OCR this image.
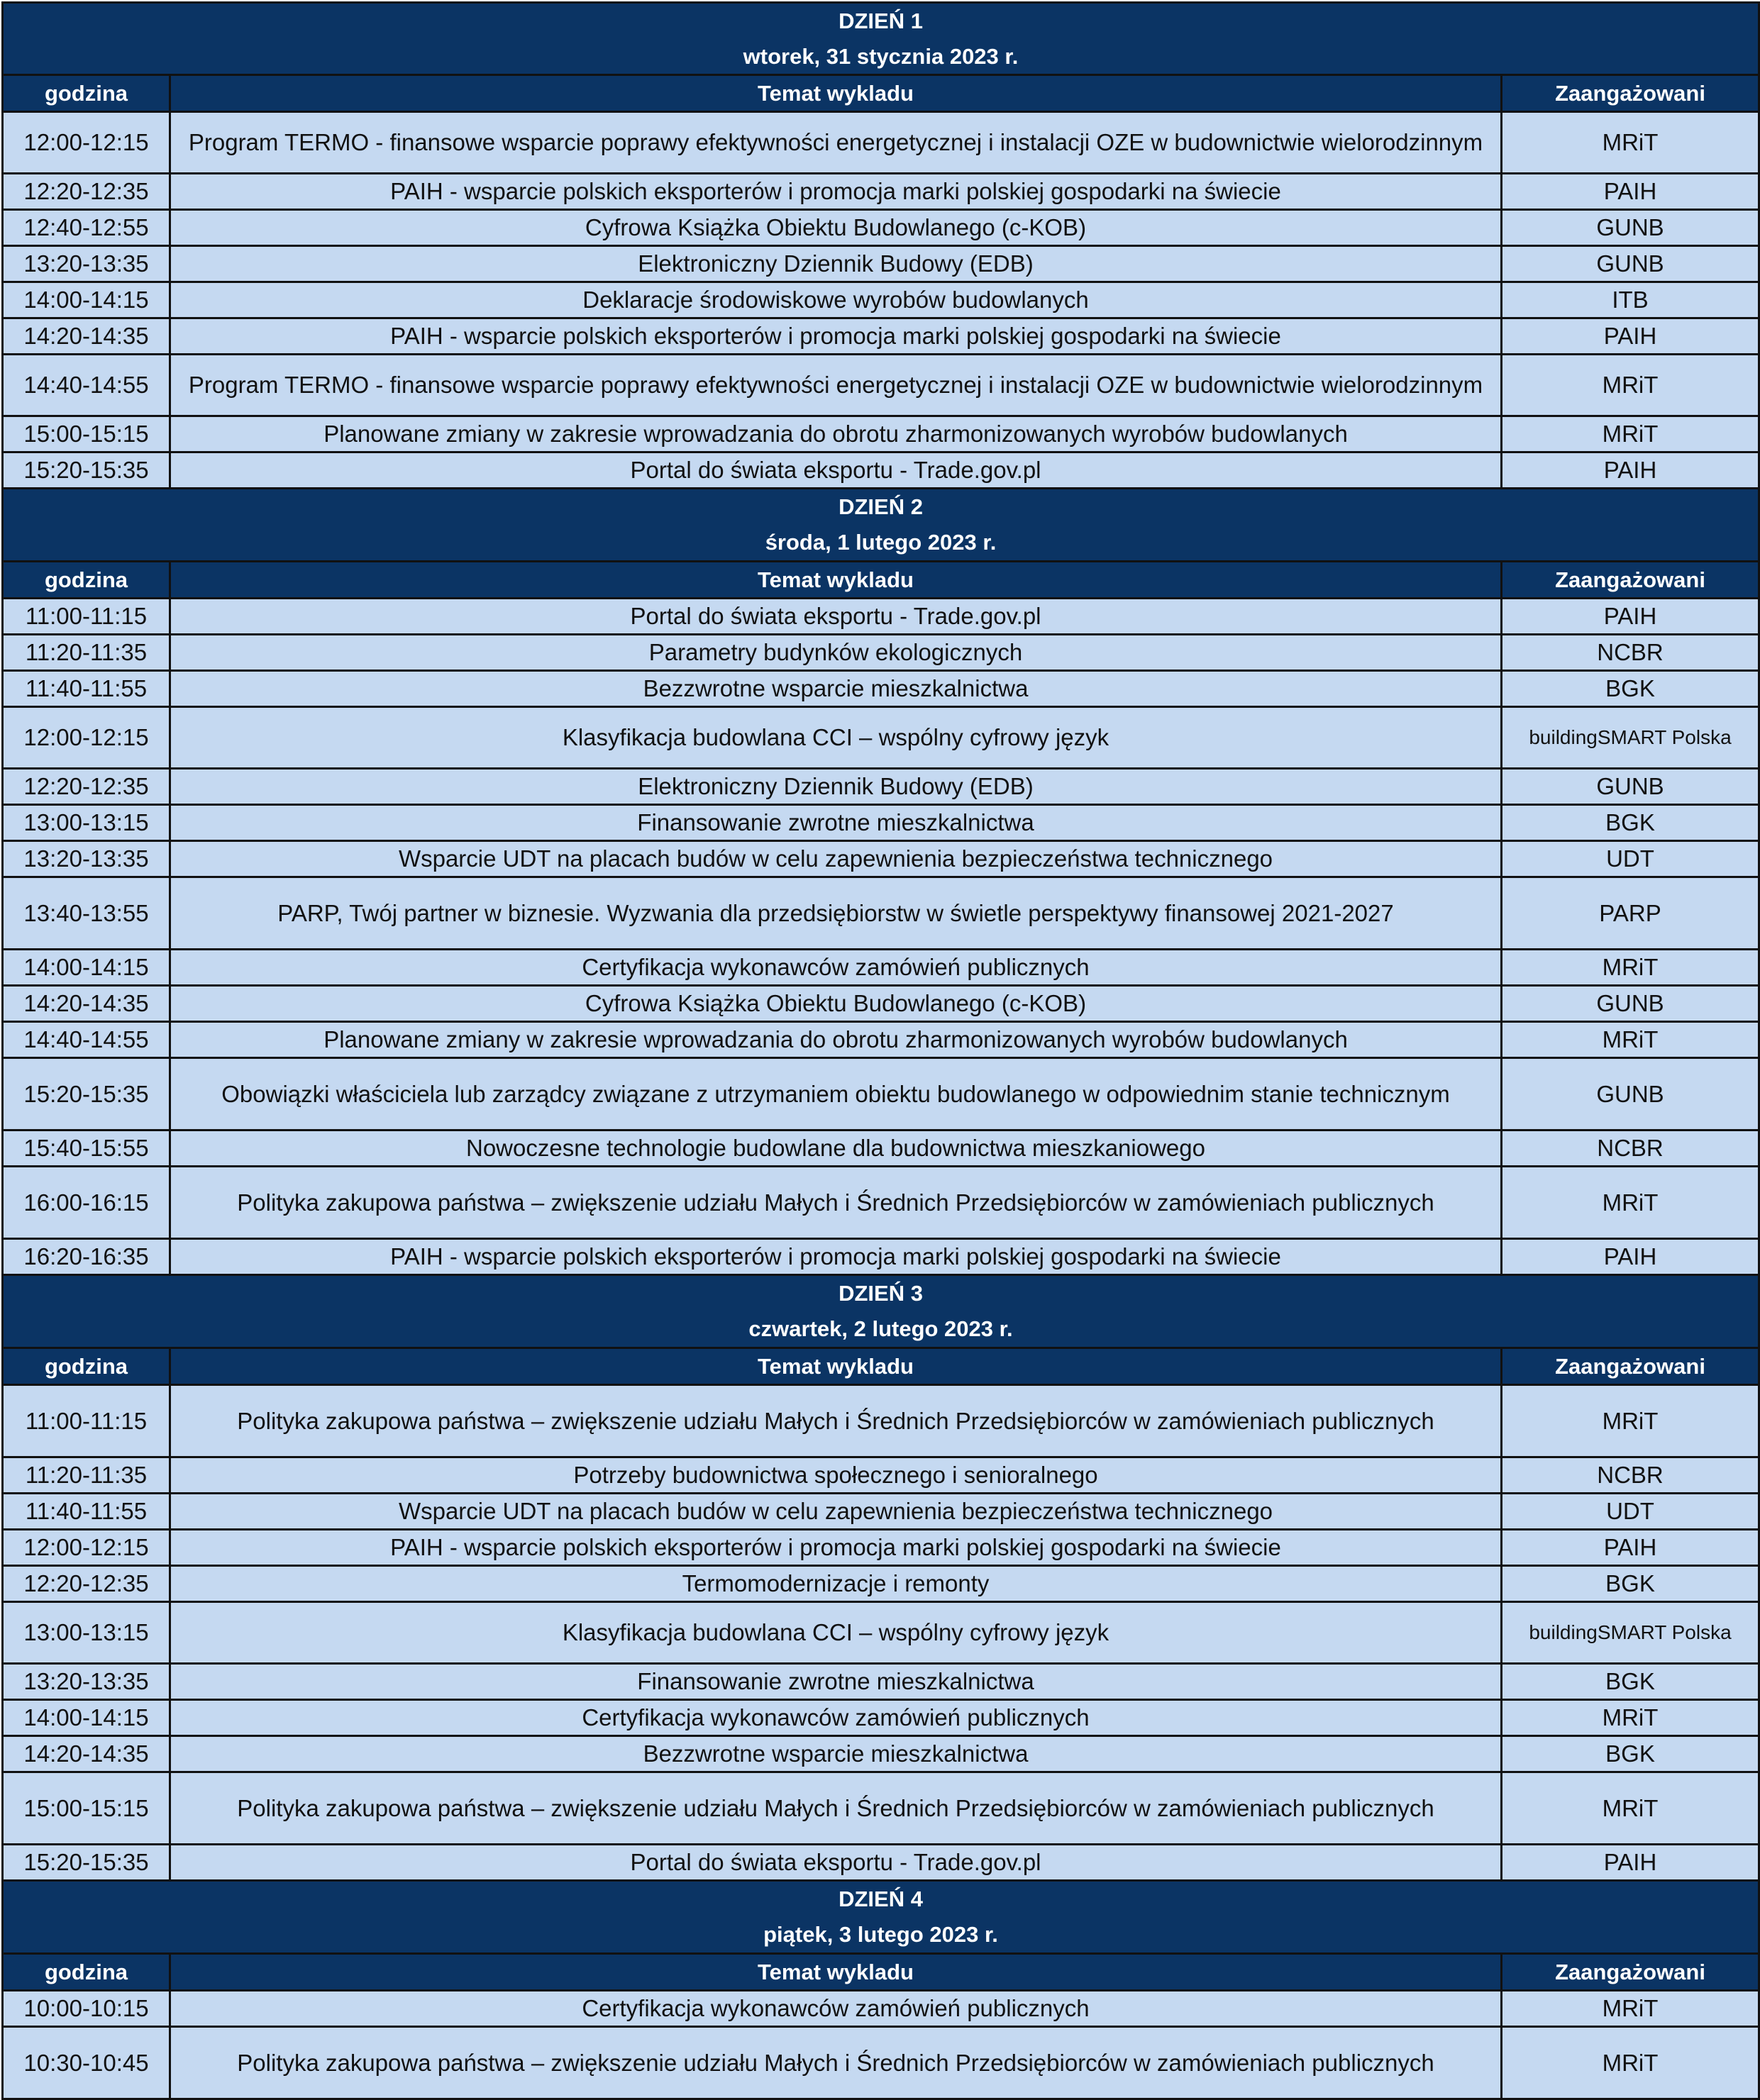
DZIEŃ 1		
wtorek, 31 stycznia 2023 r.		
godzina	Temat wykladu	Zaangażowani
12:00-12:15	Program TERMO - finansowe wsparcie poprawy efektywności energetycznej i instalacji OZE w budownictwie wielorodzinnym	MRiT
12:20-12:35	PAIH - wsparcie polskich eksporterów i promocja marki polskiej gospodarki na świecie	PAIH
12:40-12:55	Cyfrowa Książka Obiektu Budowlanego (c-KOB)	GUNB
13:20-13:35	Elektroniczny Dziennik Budowy (EDB)	GUNB
14:00-14:15	Deklaracje środowiskowe wyrobów budowlanych	ITB
14:20-14:35	PAIH - wsparcie polskich eksporterów i promocja marki polskiej gospodarki na świecie	PAIH
14:40-14:55	Program TERMO - finansowe wsparcie poprawy efektywności energetycznej i instalacji OZE w budownictwie wielorodzinnym	MRiT
15:00-15:15	Planowane zmiany w zakresie wprowadzania do obrotu zharmonizowanych wyrobów budowlanych	MRiT
15:20-15:35	Portal do świata eksportu - Trade.gov.pl	PAIH
DZIEŃ 2		
środa, 1 lutego 2023 r.		
godzina	Temat wykladu	Zaangażowani
11:00-11:15	Portal do świata eksportu - Trade.gov.pl	PAIH
11:20-11:35	Parametry budynków ekologicznych	NCBR
11:40-11:55	Bezzwrotne wsparcie mieszkalnictwa	BGK
12:00-12:15	Klasyfikacja budowlana CCI – wspólny cyfrowy język	buildingSMART Polska
12:20-12:35	Elektroniczny Dziennik Budowy (EDB)	GUNB
13:00-13:15	Finansowanie zwrotne mieszkalnictwa	BGK
13:20-13:35	Wsparcie UDT na placach budów w celu zapewnienia bezpieczeństwa technicznego	UDT
13:40-13:55	PARP, Twój partner w biznesie. Wyzwania dla przedsiębiorstw w świetle perspektywy finansowej 2021-2027	PARP
14:00-14:15	Certyfikacja wykonawców zamówień publicznych	MRiT
14:20-14:35	Cyfrowa Książka Obiektu Budowlanego (c-KOB)	GUNB
14:40-14:55	Planowane zmiany w zakresie wprowadzania do obrotu zharmonizowanych wyrobów budowlanych	MRiT
15:20-15:35	Obowiązki właściciela lub zarządcy związane z utrzymaniem obiektu budowlanego w odpowiednim stanie technicznym	GUNB
15:40-15:55	Nowoczesne technologie budowlane dla budownictwa mieszkaniowego	NCBR
16:00-16:15	Polityka zakupowa państwa – zwiększenie udziału Małych i Średnich Przedsiębiorców w zamówieniach publicznych	MRiT
16:20-16:35	PAIH - wsparcie polskich eksporterów i promocja marki polskiej gospodarki na świecie	PAIH
DZIEŃ 3		
czwartek, 2 lutego 2023 r.		
godzina	Temat wykladu	Zaangażowani
11:00-11:15	Polityka zakupowa państwa – zwiększenie udziału Małych i Średnich Przedsiębiorców w zamówieniach publicznych	MRiT
11:20-11:35	Potrzeby budownictwa społecznego i senioralnego	NCBR
11:40-11:55	Wsparcie UDT na placach budów w celu zapewnienia bezpieczeństwa technicznego	UDT
12:00-12:15	PAIH - wsparcie polskich eksporterów i promocja marki polskiej gospodarki na świecie	PAIH
12:20-12:35	Termomodernizacje i remonty	BGK
13:00-13:15	Klasyfikacja budowlana CCI – wspólny cyfrowy język	buildingSMART Polska
13:20-13:35	Finansowanie zwrotne mieszkalnictwa	BGK
14:00-14:15	Certyfikacja wykonawców zamówień publicznych	MRiT
14:20-14:35	Bezzwrotne wsparcie mieszkalnictwa	BGK
15:00-15:15	Polityka zakupowa państwa – zwiększenie udziału Małych i Średnich Przedsiębiorców w zamówieniach publicznych	MRiT
15:20-15:35	Portal do świata eksportu - Trade.gov.pl	PAIH
DZIEŃ 4		
piątek, 3 lutego 2023 r.		
godzina	Temat wykladu	Zaangażowani
10:00-10:15	Certyfikacja wykonawców zamówień publicznych	MRiT
10:30-10:45	Polityka zakupowa państwa – zwiększenie udziału Małych i Średnich Przedsiębiorców w zamówieniach publicznych	MRiT
